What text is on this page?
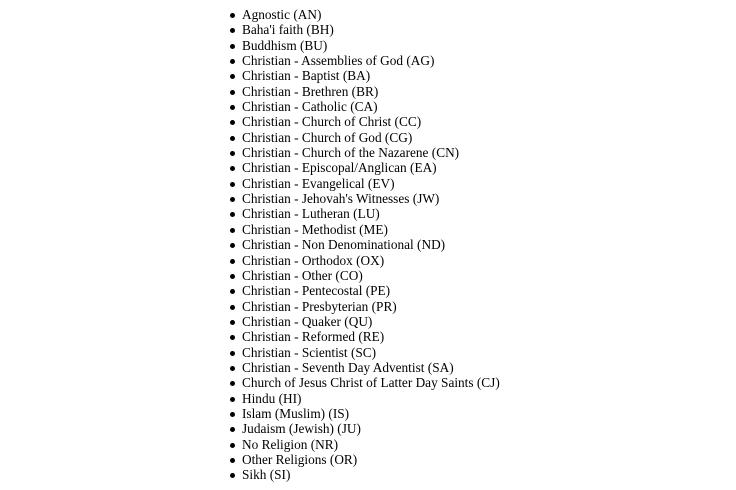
Agnostic (AN)
Baha'i faith (BH)
Buddhism (BU)
Christian - Assemblies of God (AG)
Christian - Baptist (BA)
Christian - Brethren (BR)
Christian - Catholic (CA)
Christian - Church of Christ (CC)
Christian - Church of God (CG)
Christian - Church of the Nazarene (CN)
Christian - Episcopal/Anglican (EA)
Christian - Evangelical (EV)
Christian - Jehovah's Witnesses (JW)
Christian - Lutheran (LU)
Christian - Methodist (ME)
Christian - Non Denominational (ND)
Christian - Orthodox (OX)
Christian - Other (CO)
Christian - Pentecostal (PE)
Christian - Presbyterian (PR)
Christian - Quaker (QU)
Christian - Reformed (RE)
Christian - Scientist (SC)
Christian - Seventh Day Adventist (SA)
Church of Jesus Christ of Latter Day Saints (CJ)
Hindu (HI)
Islam (Muslim) (IS)
Judaism (Jewish) (JU)
No Religion (NR)
Other Religions (OR)
Sikh (SI)
